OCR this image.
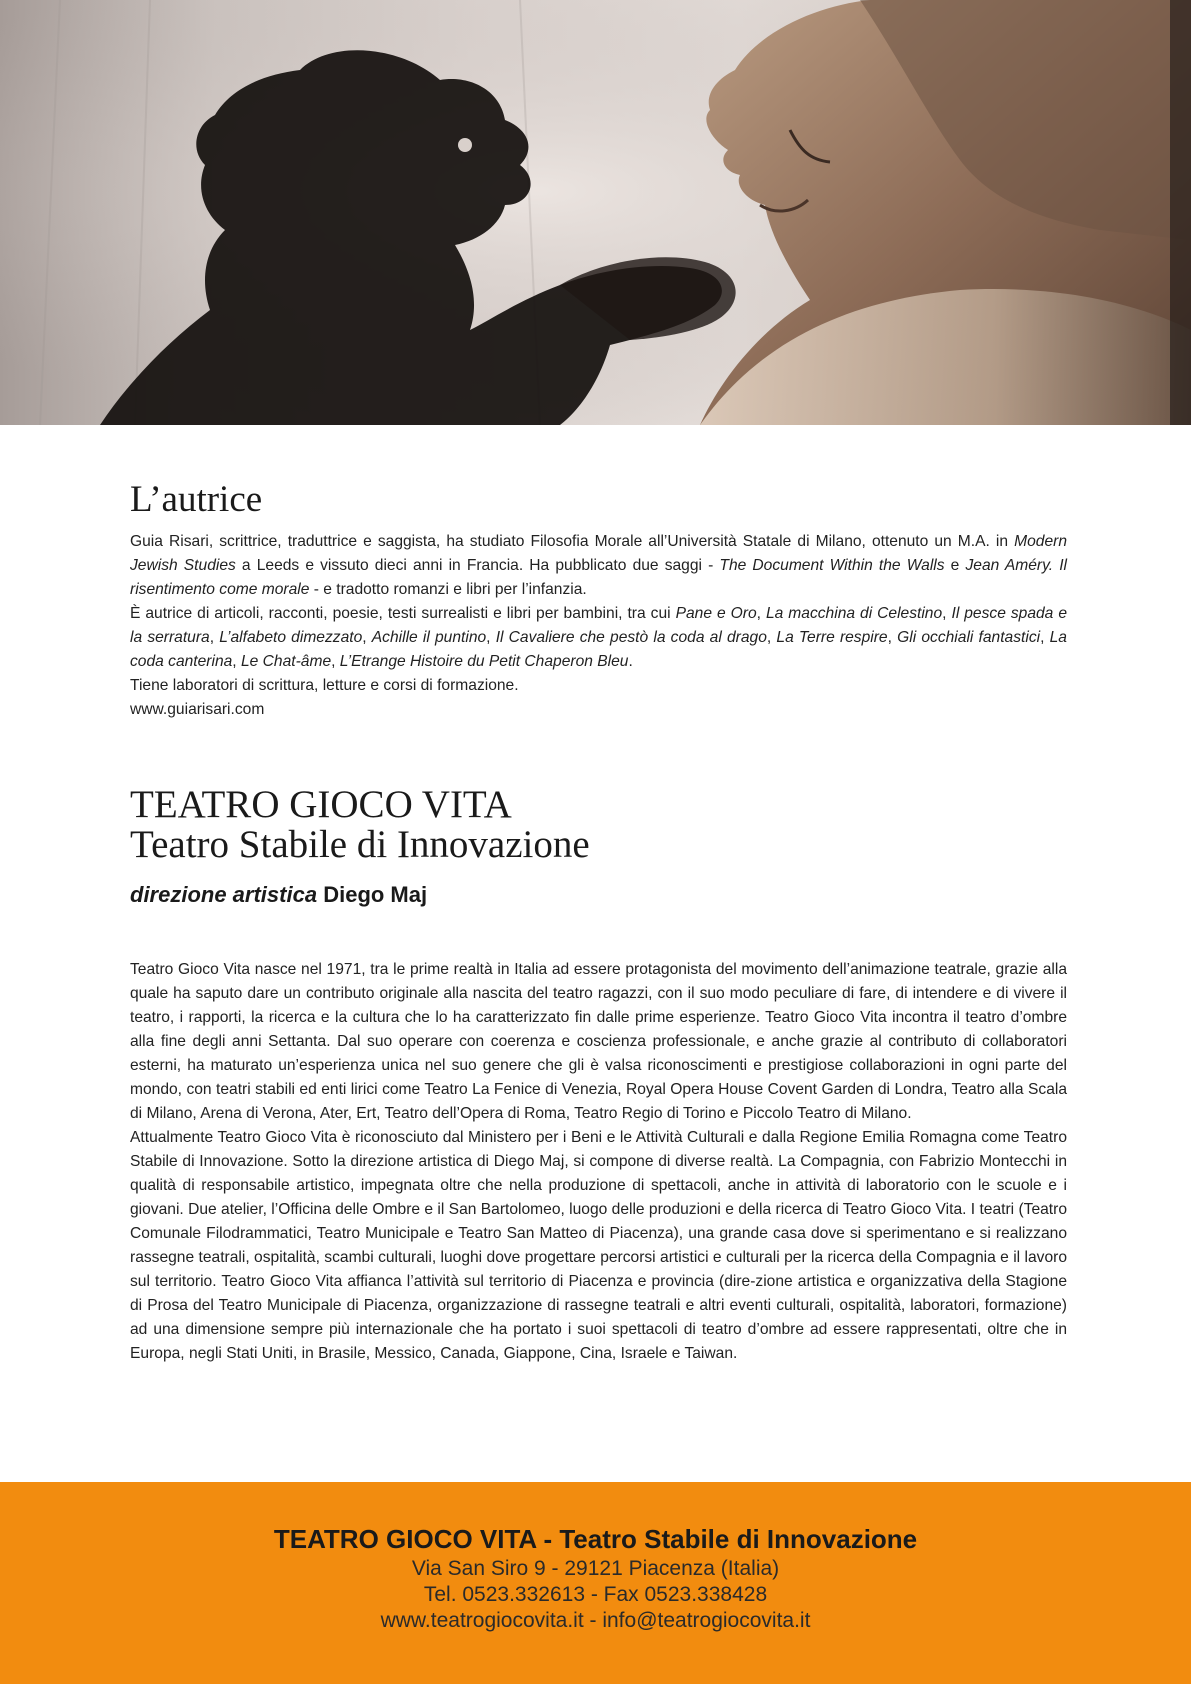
L’autrice

Guia Risari, scrittrice, traduttrice e saggista, ha studiato Filosofia Morale all’Università Statale di Milano, ottenuto un M.A. in Modern Jewish Studies a Leeds e vissuto dieci anni in Francia. Ha pubblicato due saggi - The Document Within the Walls e Jean Améry. Il risentimento come morale - e tradotto romanzi e libri per l’infanzia.

È autrice di articoli, racconti, poesie, testi surrealisti e libri per bambini, tra cui Pane e Oro, La macchina di Celestino, Il pesce spada e la serratura, L’alfabeto dimezzato, Achille il puntino, Il Cavaliere che pestò la coda al drago, La Terre respire, Gli occhiali fantastici, La coda canterina, Le Chat-âme, L’Etrange Histoire du Petit Chaperon Bleu.

Tiene laboratori di scrittura, letture e corsi di formazione.

www.guiarisari.com

TEATRO GIOCO VITA
Teatro Stabile di Innovazione

direzione artistica Diego Maj

Teatro Gioco Vita nasce nel 1971, tra le prime realtà in Italia ad essere protagonista del movimento dell’animazione teatrale, grazie alla quale ha saputo dare un contributo originale alla nascita del teatro ragazzi, con il suo modo peculiare di fare, di intendere e di vivere il teatro, i rapporti, la ricerca e la cultura che lo ha caratterizzato fin dalle prime esperienze. Teatro Gioco Vita incontra il teatro d’ombre alla fine degli anni Settanta. Dal suo operare con coerenza e coscienza professionale, e anche grazie al contributo di collaboratori esterni, ha maturato un’esperienza unica nel suo genere che gli è valsa riconoscimenti e prestigiose collaborazioni in ogni parte del mondo, con teatri stabili ed enti lirici come Teatro La Fenice di Venezia, Royal Opera House Covent Garden di Londra, Teatro alla Scala di Milano, Arena di Verona, Ater, Ert, Teatro dell’Opera di Roma, Teatro Regio di Torino e Piccolo Teatro di Milano.

Attualmente Teatro Gioco Vita è riconosciuto dal Ministero per i Beni e le Attività Culturali e dalla Regione Emilia Romagna come Teatro Stabile di Innovazione. Sotto la direzione artistica di Diego Maj, si compone di diverse realtà. La Compagnia, con Fabrizio Montecchi in qualità di responsabile artistico, impegnata oltre che nella produzione di spettacoli, anche in attività di laboratorio con le scuole e i giovani. Due atelier, l’Officina delle Ombre e il San Bartolomeo, luogo delle produzioni e della ricerca di Teatro Gioco Vita. I teatri (Teatro Comunale Filodrammatici, Teatro Municipale e Teatro San Matteo di Piacenza), una grande casa dove si sperimentano e si realizzano rassegne teatrali, ospitalità, scambi culturali, luoghi dove progettare percorsi artistici e culturali per la ricerca della Compagnia e il lavoro sul territorio. Teatro Gioco Vita affianca l’attività sul territorio di Piacenza e provincia (dire-zione artistica e organizzativa della Stagione di Prosa del Teatro Municipale di Piacenza, organizzazione di rassegne teatrali e altri eventi culturali, ospitalità, laboratori, formazione) ad una dimensione sempre più internazionale che ha portato i suoi spettacoli di teatro d’ombre ad essere rappresentati, oltre che in Europa, negli Stati Uniti, in Brasile, Messico, Canada, Giappone, Cina, Israele e Taiwan.

TEATRO GIOCO VITA - Teatro Stabile di Innovazione

Via San Siro 9 - 29121 Piacenza (Italia)

Tel. 0523.332613 - Fax 0523.338428

www.teatrogiocovita.it - info@teatrogiocovita.it
